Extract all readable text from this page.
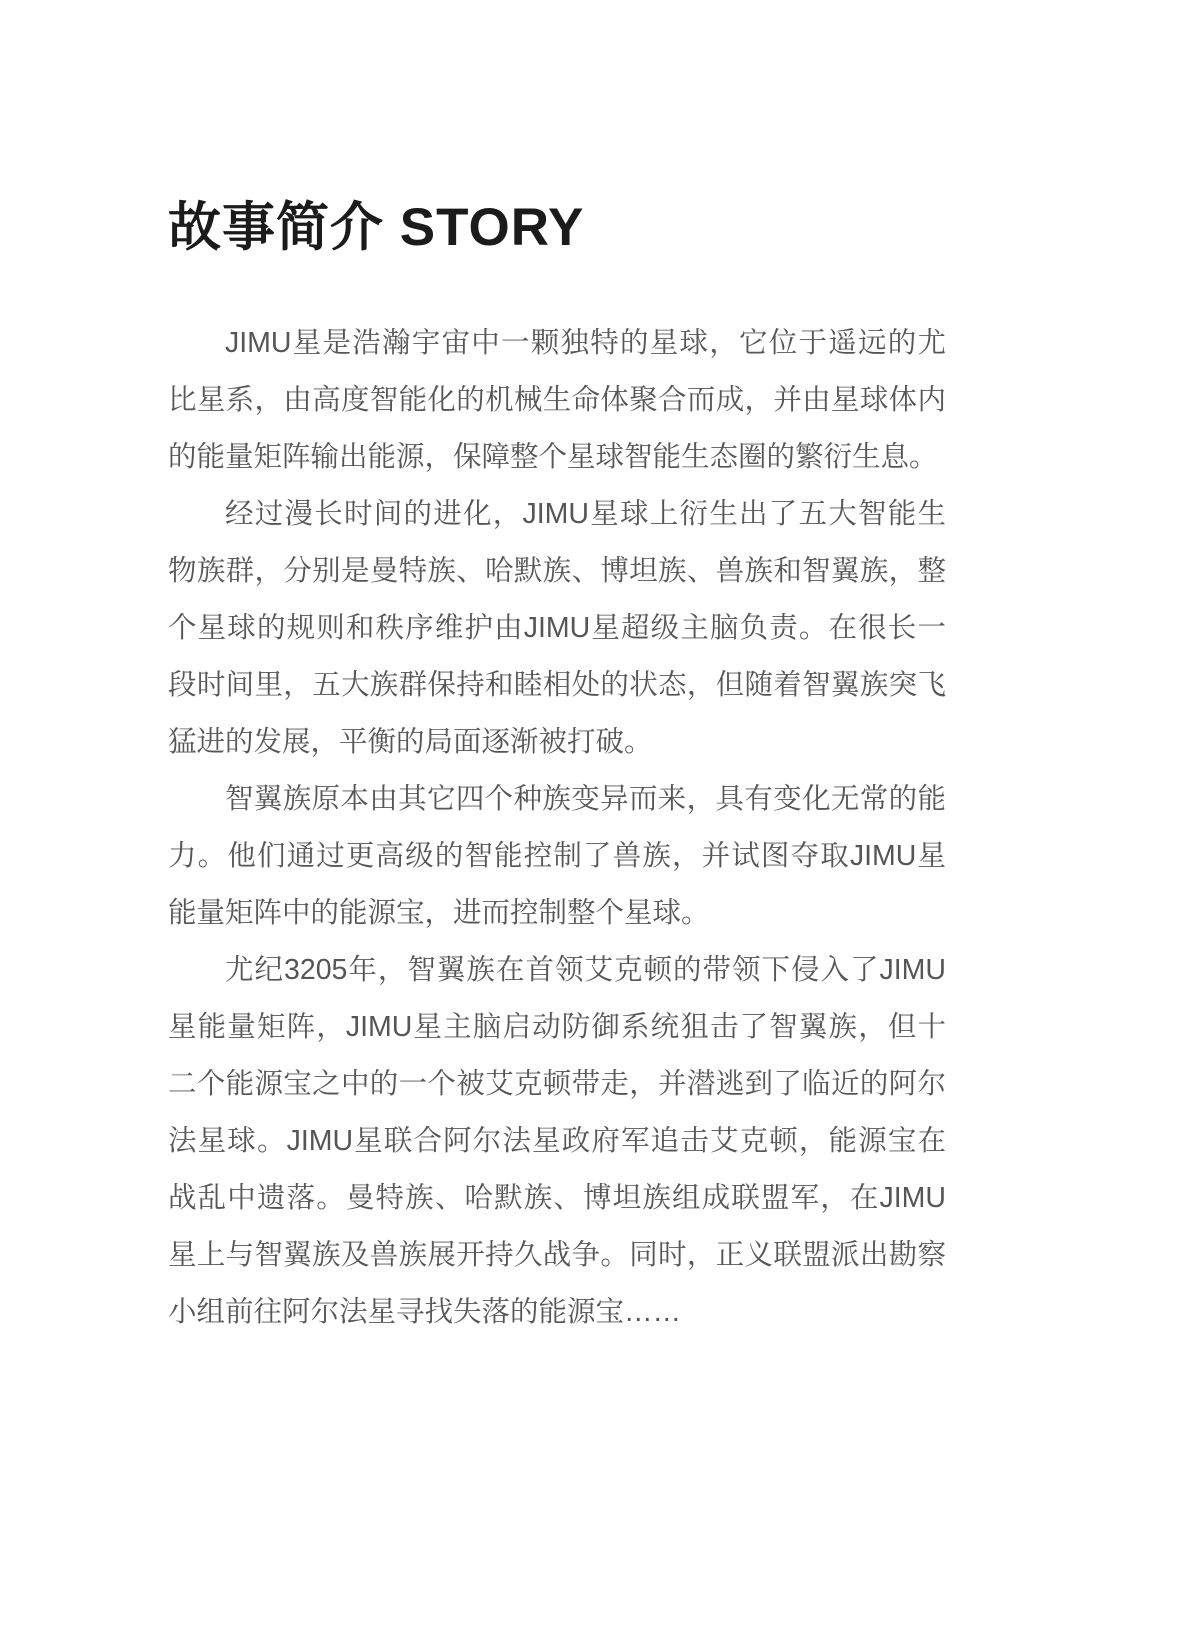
故事简介 STORY

JIMU星是浩瀚宇宙中一颗独特的星球，它位于遥远的尤比星系，由高度智能化的机械生命体聚合而成，并由星球体内的能量矩阵输出能源，保障整个星球智能生态圈的繁衍生息。

经过漫长时间的进化，JIMU星球上衍生出了五大智能生物族群，分别是曼特族、哈默族、博坦族、兽族和智翼族，整个星球的规则和秩序维护由JIMU星超级主脑负责。在很长一段时间里，五大族群保持和睦相处的状态，但随着智翼族突飞猛进的发展，平衡的局面逐渐被打破。

智翼族原本由其它四个种族变异而来，具有变化无常的能力。他们通过更高级的智能控制了兽族，并试图夺取JIMU星能量矩阵中的能源宝，进而控制整个星球。

尤纪3205年，智翼族在首领艾克顿的带领下侵入了JIMU星能量矩阵，JIMU星主脑启动防御系统狙击了智翼族，但十二个能源宝之中的一个被艾克顿带走，并潜逃到了临近的阿尔法星球。JIMU星联合阿尔法星政府军追击艾克顿，能源宝在战乱中遗落。曼特族、哈默族、博坦族组成联盟军，在JIMU星上与智翼族及兽族展开持久战争。同时，正义联盟派出勘察小组前往阿尔法星寻找失落的能源宝……
